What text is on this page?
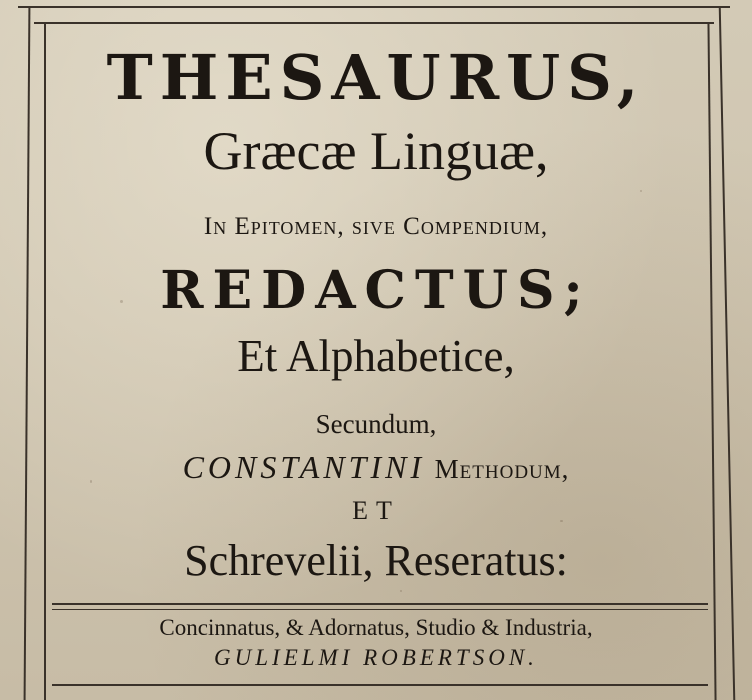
THESAURUS,
Græcæ Linguæ,
In Epitomen, sive Compendium,
REDACTUS;
Et Alphabetice,
Secundum,
CONSTANTINI Methodum,
ET
Schrevelii, Reseratus:
Concinnatus, & Adornatus, Studio & Industria,
GULIELMI ROBERTSON.
